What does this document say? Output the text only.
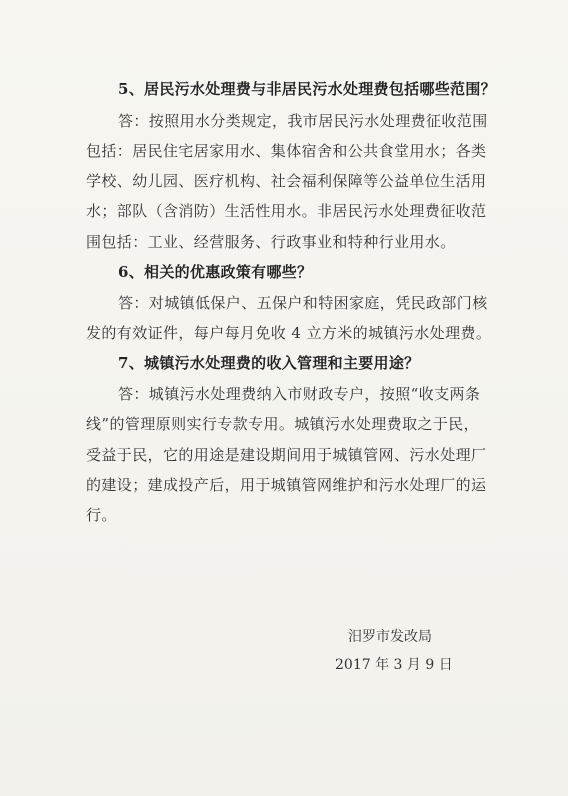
5、居民污水处理费与非居民污水处理费包括哪些范围？
答：按照用水分类规定，我市居民污水处理费征收范围
包括：居民住宅居家用水、集体宿舍和公共食堂用水；各类
学校、幼儿园、医疗机构、社会福利保障等公益单位生活用
水；部队（含消防）生活性用水。非居民污水处理费征收范
围包括：工业、经营服务、行政事业和特种行业用水。
6、相关的优惠政策有哪些？
答：对城镇低保户、五保户和特困家庭，凭民政部门核
发的有效证件，每户每月免收 4 立方米的城镇污水处理费。
7、城镇污水处理费的收入管理和主要用途？
答：城镇污水处理费纳入市财政专户，按照“收支两条
线”的管理原则实行专款专用。城镇污水处理费取之于民，
受益于民，它的用途是建设期间用于城镇管网、污水处理厂
的建设；建成投产后，用于城镇管网维护和污水处理厂的运
行。
汨罗市发改局
2017 年 3 月 9 日
